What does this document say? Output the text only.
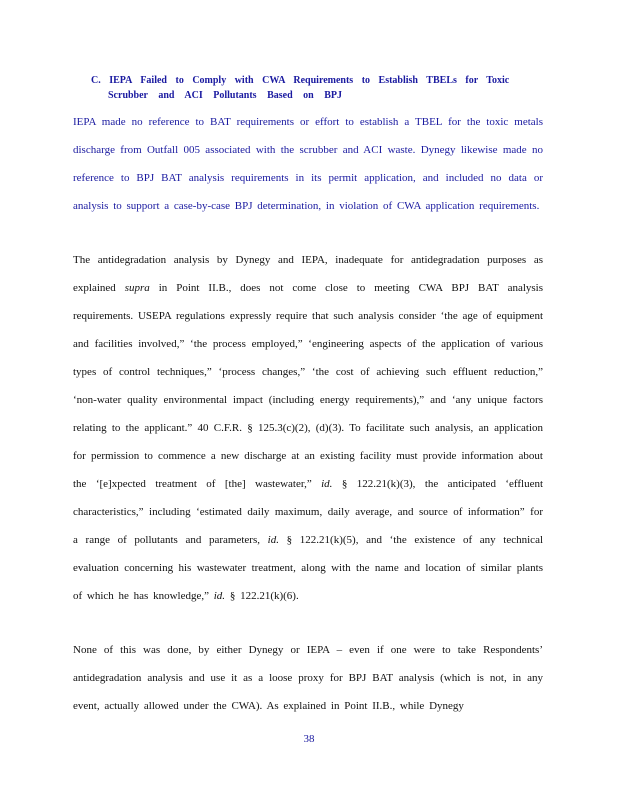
C. IEPA Failed to Comply with CWA Requirements to Establish TBELs for Toxic
Scrubber and ACI Pollutants Based on BPJ

IEPA made no reference to BAT requirements or effort to establish a TBEL for the toxic metals discharge from Outfall 005 associated with the scrubber and ACI waste. Dynegy likewise made no reference to BPJ BAT analysis requirements in its permit application, and included no data or analysis to support a case-by-case BPJ determination, in violation of CWA application requirements.

The antidegradation analysis by Dynegy and IEPA, inadequate for antidegradation purposes as explained supra in Point II.B., does not come close to meeting CWA BPJ BAT analysis requirements. USEPA regulations expressly require that such analysis consider ‘the age of equipment and facilities involved,” ‘the process employed,” ‘engineering aspects of the application of various types of control techniques,” ‘process changes,” ‘the cost of achieving such effluent reduction,” ‘non-water quality environmental impact (including energy requirements),” and ‘any unique factors relating to the applicant.” 40 C.F.R. § 125.3(c)(2), (d)(3). To facilitate such analysis, an application for permission to commence a new discharge at an existing facility must provide information about the ‘[e]xpected treatment of [the] wastewater,” id. § 122.21(k)(3), the anticipated ‘effluent characteristics,” including ‘estimated daily maximum, daily average, and source of information” for a range of pollutants and parameters, id. § 122.21(k)(5), and ‘the existence of any technical evaluation concerning his wastewater treatment, along with the name and location of similar plants of which he has knowledge,” id. § 122.21(k)(6).

None of this was done, by either Dynegy or IEPA – even if one were to take Respondents’ antidegradation analysis and use it as a loose proxy for BPJ BAT analysis (which is not, in any event, actually allowed under the CWA). As explained in Point II.B., while Dynegy

38
